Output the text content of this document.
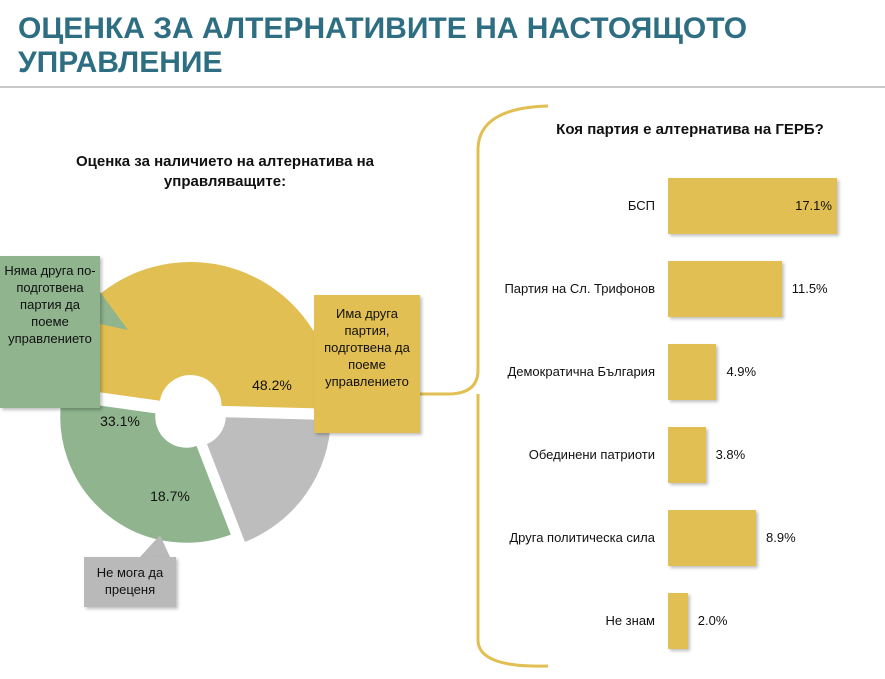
ОЦЕНКА ЗА АЛТЕРНАТИВИТЕ НА НАСТОЯЩОТО УПРАВЛЕНИЕ
Оценка за наличието на алтернатива на управляващите:
Няма друга по-подготвена партия да поеме управлението
Има друга партия, подготвена да поеме управлението
Не мога да преценя
48.2%
18.7%
33.1%
Коя партия е алтернатива на ГЕРБ?
БСП	17.1%
Партия на Сл. Трифонов	11.5%
Демократична България	4.9%
Обединени патриоти	3.8%
Друга политическа сила	8.9%
Не знам	2.0%
